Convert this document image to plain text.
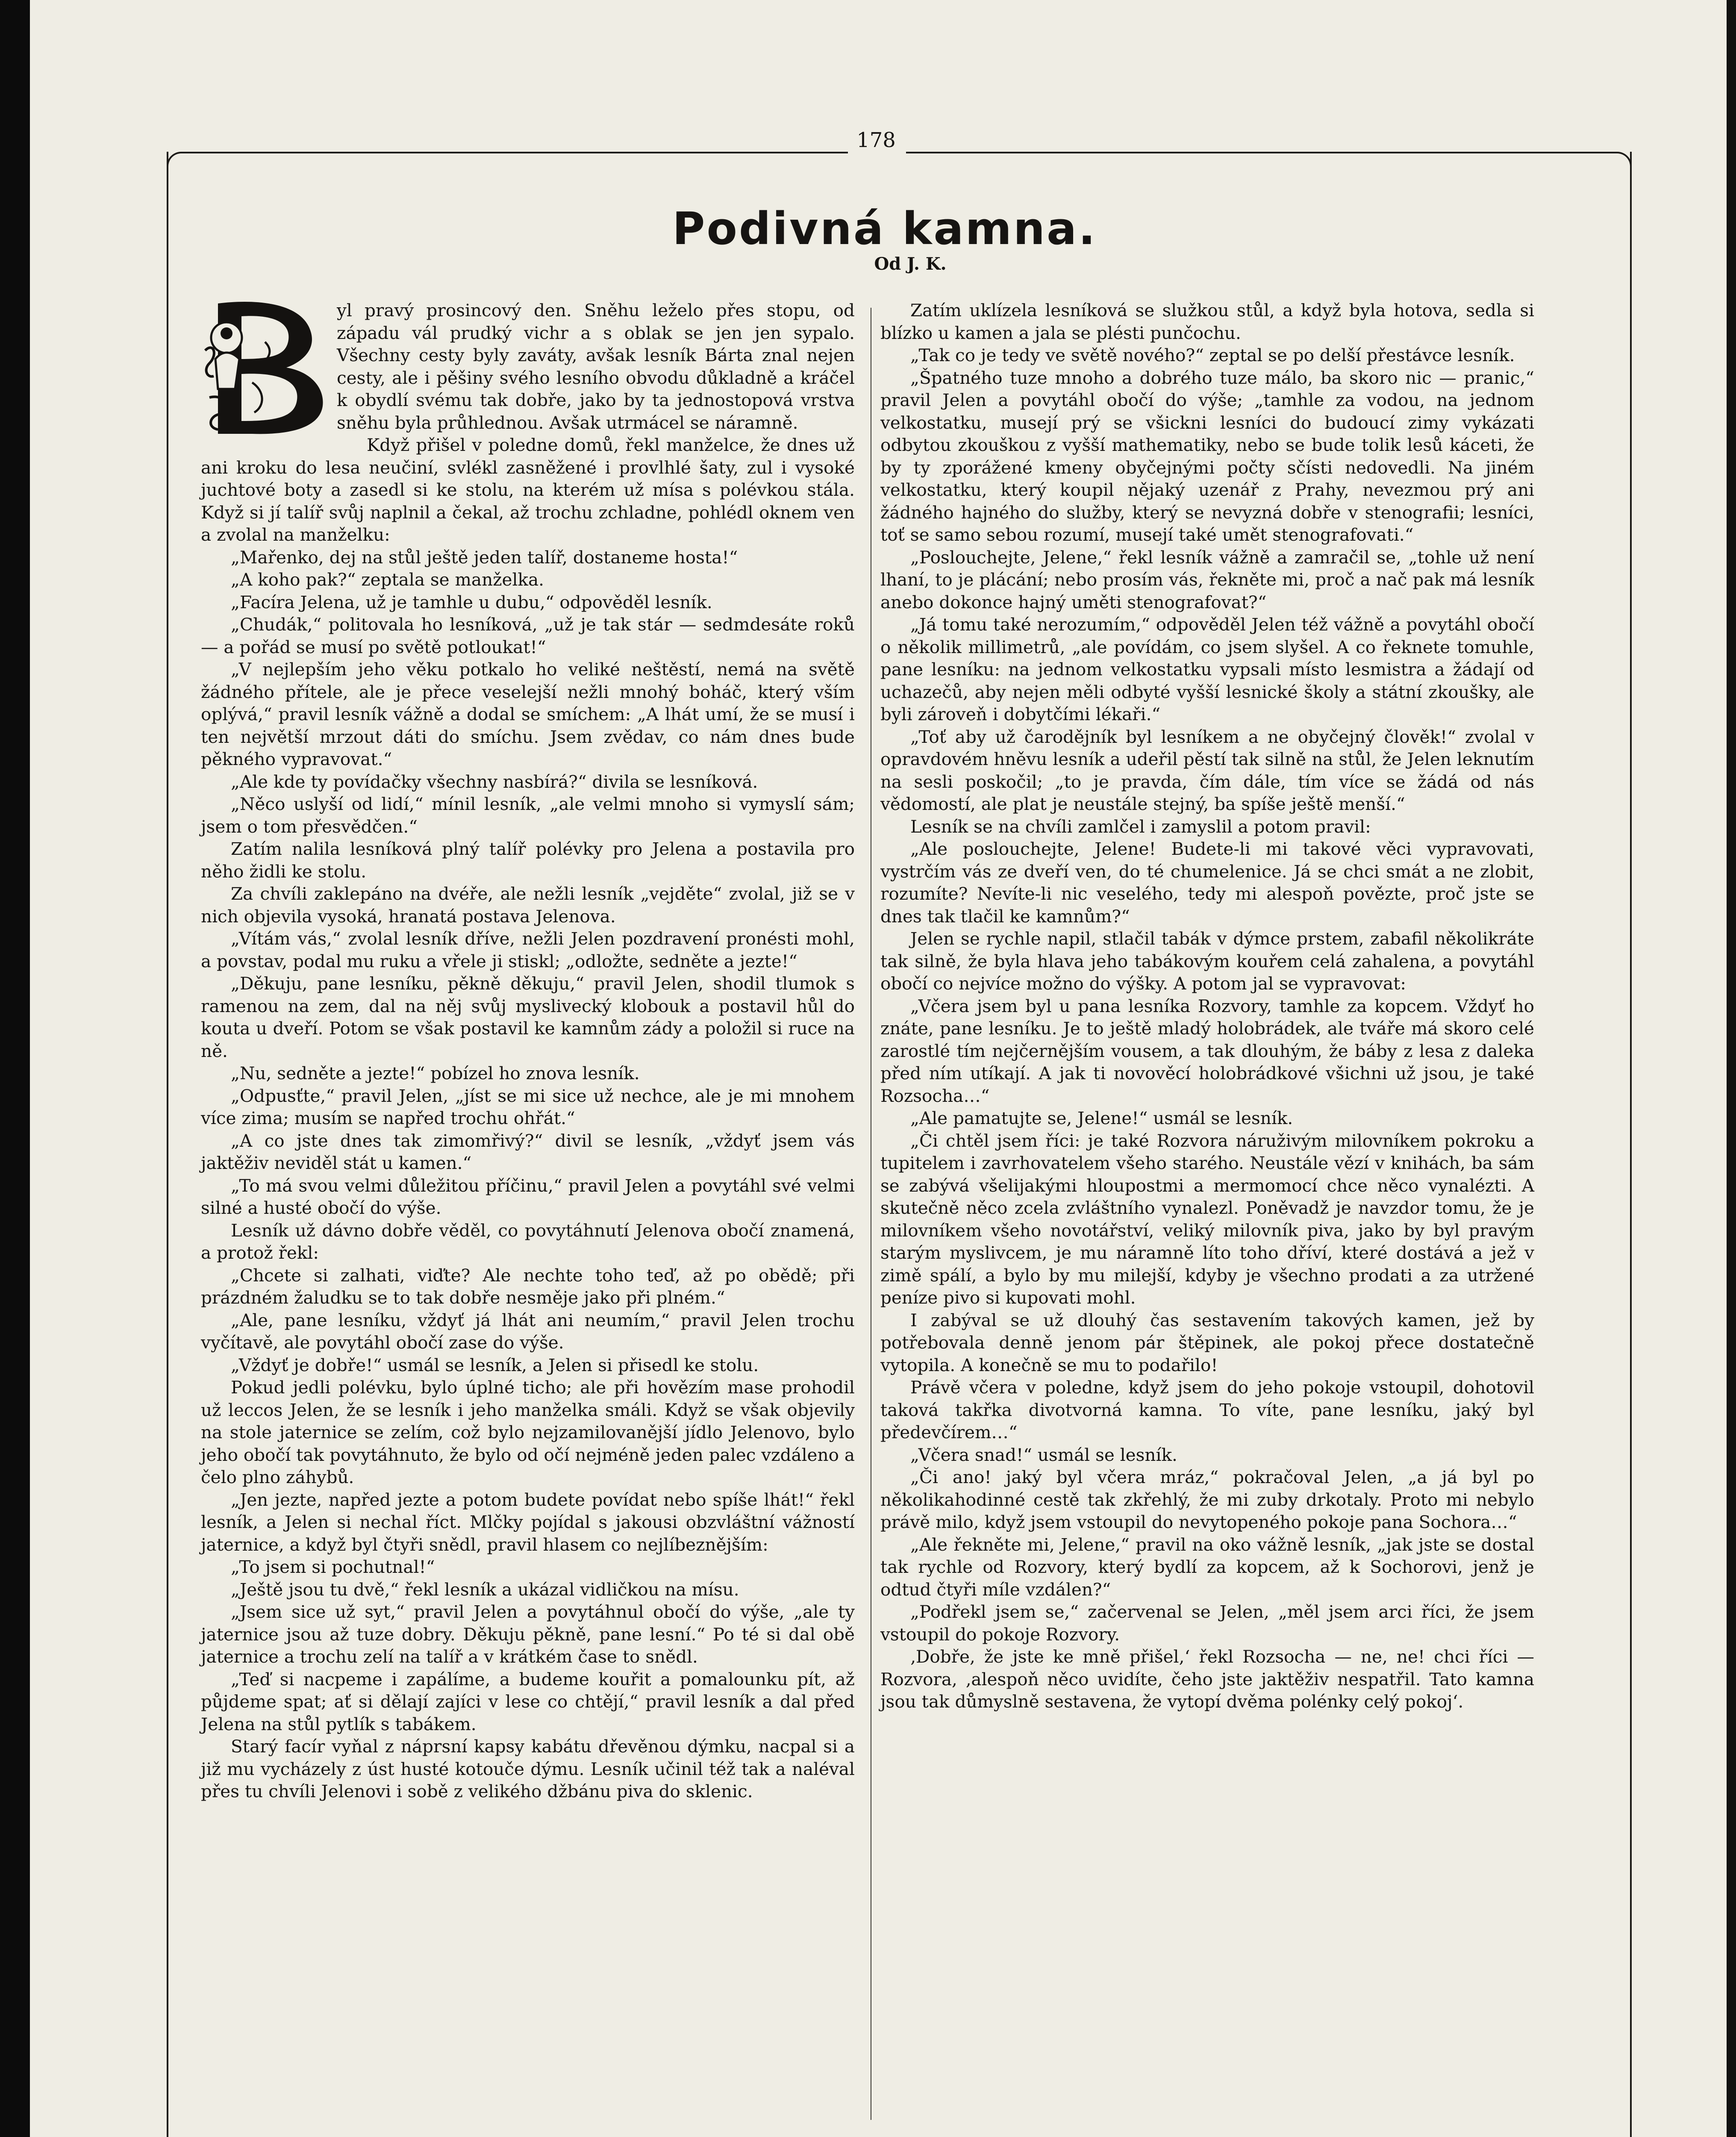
178
Podivná kamna.
Od J. K.

yl pravý prosincový den. Sněhu leželo přes stopu, od západu vál prudký vichr a s oblak se jen jen sypalo. Všechny cesty byly zaváty, avšak lesník Bárta znal nejen cesty, ale i pěšiny svého lesního obvodu důkladně a kráčel k obydlí svému tak dobře, jako by ta jednostopová vrstva sněhu byla průhlednou. Avšak utrmácel se náramně.

Když přišel v poledne domů, řekl manželce, že dnes už ani kroku do lesa neučiní, svlékl zasněžené i provlhlé šaty, zul i vysoké juchtové boty a zasedl si ke stolu, na kterém už mísa s polévkou stála. Když si jí talíř svůj naplnil a čekal, až trochu zchladne, pohlédl oknem ven a zvolal na manželku:

„Mařenko, dej na stůl ještě jeden talíř, dostaneme hosta!“

„A koho pak?“ zeptala se manželka.

„Facíra Jelena, už je tamhle u dubu,“ odpověděl lesník.

„Chudák,“ politovala ho lesníková, „už je tak stár — sedmdesáte roků — a pořád se musí po světě potloukat!“

„V nejlepším jeho věku potkalo ho veliké neštěstí, nemá na světě žádného přítele, ale je přece veselejší nežli mnohý boháč, který vším oplývá,“ pravil lesník vážně a dodal se smíchem: „A lhát umí, že se musí i ten největší mrzout dáti do smíchu. Jsem zvědav, co nám dnes bude pěkného vypravovat.“

„Ale kde ty povídačky všechny nasbírá?“ divila se lesníková.

„Něco uslyší od lidí,“ mínil lesník, „ale velmi mnoho si vymyslí sám; jsem o tom přesvědčen.“

Zatím nalila lesníková plný talíř polévky pro Jelena a postavila pro něho židli ke stolu.

Za chvíli zaklepáno na dvéře, ale nežli lesník „vejděte“ zvolal, již se v nich objevila vysoká, hranatá postava Jelenova.

„Vítám vás,“ zvolal lesník dříve, nežli Jelen pozdravení pronésti mohl, a povstav, podal mu ruku a vřele ji stiskl; „odložte, sedněte a jezte!“

„Děkuju, pane lesníku, pěkně děkuju,“ pravil Jelen, shodil tlumok s ramenou na zem, dal na něj svůj myslivecký klobouk a postavil hůl do kouta u dveří. Potom se však postavil ke kamnům zády a položil si ruce na ně.

„Nu, sedněte a jezte!“ pobízel ho znova lesník.

„Odpusťte,“ pravil Jelen, „jíst se mi sice už nechce, ale je mi mnohem více zima; musím se napřed trochu ohřát.“

„A co jste dnes tak zimomřivý?“ divil se lesník, „vždyť jsem vás jaktěživ neviděl stát u kamen.“

„To má svou velmi důležitou příčinu,“ pravil Jelen a povytáhl své velmi silné a husté obočí do výše.

Lesník už dávno dobře věděl, co povytáhnutí Jelenova obočí znamená, a protož řekl:

„Chcete si zalhati, viďte? Ale nechte toho teď, až po obědě; při prázdném žaludku se to tak dobře nesměje jako při plném.“

„Ale, pane lesníku, vždyť já lhát ani neumím,“ pravil Jelen trochu vyčítavě, ale povytáhl obočí zase do výše.

„Vždyť je dobře!“ usmál se lesník, a Jelen si přisedl ke stolu.

Pokud jedli polévku, bylo úplné ticho; ale při hovězím mase prohodil už leccos Jelen, že se lesník i jeho manželka smáli. Když se však objevily na stole jaternice se zelím, což bylo nejzamilovanější jídlo Jelenovo, bylo jeho obočí tak povytáhnuto, že bylo od očí nejméně jeden palec vzdáleno a čelo plno záhybů.

„Jen jezte, napřed jezte a potom budete povídat nebo spíše lhát!“ řekl lesník, a Jelen si nechal říct. Mlčky pojídal s jakousi obzvláštní vážností jaternice, a když byl čtyři snědl, pravil hlasem co nejlíbeznějším:

„To jsem si pochutnal!“

„Ještě jsou tu dvě,“ řekl lesník a ukázal vidličkou na mísu.

„Jsem sice už syt,“ pravil Jelen a povytáhnul obočí do výše, „ale ty jaternice jsou až tuze dobry. Děkuju pěkně, pane lesní.“ Po té si dal obě jaternice a trochu zelí na talíř a v krátkém čase to snědl.

„Teď si nacpeme i zapálíme, a budeme kouřit a pomalounku pít, až půjdeme spat; ať si dělají zajíci v lese co chtějí,“ pravil lesník a dal před Jelena na stůl pytlík s tabákem.

Starý facír vyňal z náprsní kapsy kabátu dřevěnou dýmku, nacpal si a již mu vycházely z úst husté kotouče dýmu. Lesník učinil též tak a naléval přes tu chvíli Jelenovi i sobě z velikého džbánu piva do sklenic.

Zatím uklízela lesníková se služkou stůl, a když byla hotova, sedla si blízko u kamen a jala se plésti punčochu.

„Tak co je tedy ve světě nového?“ zeptal se po delší přestávce lesník.

„Špatného tuze mnoho a dobrého tuze málo, ba skoro nic — pranic,“ pravil Jelen a povytáhl obočí do výše; „tamhle za vodou, na jednom velkostatku, musejí prý se všickni lesníci do budoucí zimy vykázati odbytou zkouškou z vyšší mathematiky, nebo se bude tolik lesů káceti, že by ty zporážené kmeny obyčejnými počty sčísti nedovedli. Na jiném velkostatku, který koupil nějaký uzenář z Prahy, nevezmou prý ani žádného hajného do služby, který se nevyzná dobře v stenografii; lesníci, toť se samo sebou rozumí, musejí také umět stenografovati.“

„Poslouchejte, Jelene,“ řekl lesník vážně a zamračil se, „tohle už není lhaní, to je plácání; nebo prosím vás, řekněte mi, proč a nač pak má lesník anebo dokonce hajný uměti stenografovat?“

„Já tomu také nerozumím,“ odpověděl Jelen též vážně a povytáhl obočí o několik millimetrů, „ale povídám, co jsem slyšel. A co řeknete tomuhle, pane lesníku: na jednom velkostatku vypsali místo lesmistra a žádají od uchazečů, aby nejen měli odbyté vyšší lesnické školy a státní zkoušky, ale byli zároveň i dobytčími lékaři.“

„Toť aby už čarodějník byl lesníkem a ne obyčejný člověk!“ zvolal v opravdovém hněvu lesník a udeřil pěstí tak silně na stůl, že Jelen leknutím na sesli poskočil; „to je pravda, čím dále, tím více se žádá od nás vědomostí, ale plat je neustále stejný, ba spíše ještě menší.“

Lesník se na chvíli zamlčel i zamyslil a potom pravil:

„Ale poslouchejte, Jelene! Budete-li mi takové věci vypravovati, vystrčím vás ze dveří ven, do té chumelenice. Já se chci smát a ne zlobit, rozumíte? Nevíte-li nic veselého, tedy mi alespoň povězte, proč jste se dnes tak tlačil ke kamnům?“

Jelen se rychle napil, stlačil tabák v dýmce prstem, zabafil několikráte tak silně, že byla hlava jeho tabákovým kouřem celá zahalena, a povytáhl obočí co nejvíce možno do výšky. A potom jal se vypravovat:

„Včera jsem byl u pana lesníka Rozvory, tamhle za kopcem. Vždyť ho znáte, pane lesníku. Je to ještě mladý holobrádek, ale tváře má skoro celé zarostlé tím nejčernějším vousem, a tak dlouhým, že báby z lesa z daleka před ním utíkají. A jak ti novověcí holobrádkové všichni už jsou, je také Rozsocha…“

„Ale pamatujte se, Jelene!“ usmál se lesník.

„Či chtěl jsem říci: je také Rozvora náruživým milovníkem pokroku a tupitelem i zavrhovatelem všeho starého. Neustále vězí v knihách, ba sám se zabývá všelijakými hloupostmi a mermomocí chce něco vynalézti. A skutečně něco zcela zvláštního vynalezl. Poněvadž je navzdor tomu, že je milovníkem všeho novotářství, veliký milovník piva, jako by byl pravým starým myslivcem, je mu náramně líto toho dříví, které dostává a jež v zimě spálí, a bylo by mu milejší, kdyby je všechno prodati a za utržené peníze pivo si kupovati mohl.

I zabýval se už dlouhý čas sestavením takových kamen, jež by potřebovala denně jenom pár štěpinek, ale pokoj přece dostatečně vytopila. A konečně se mu to podařilo!

Právě včera v poledne, když jsem do jeho pokoje vstoupil, dohotovil taková takřka divotvorná kamna. To víte, pane lesníku, jaký byl předevčírem…“

„Včera snad!“ usmál se lesník.

„Či ano! jaký byl včera mráz,“ pokračoval Jelen, „a já byl po několikahodinné cestě tak zkřehlý, že mi zuby drkotaly. Proto mi nebylo právě milo, když jsem vstoupil do nevytopeného pokoje pana Sochora…“

„Ale řekněte mi, Jelene,“ pravil na oko vážně lesník, „jak jste se dostal tak rychle od Rozvory, který bydlí za kopcem, až k Sochorovi, jenž je odtud čtyři míle vzdálen?“

„Podřekl jsem se,“ začervenal se Jelen, „měl jsem arci říci, že jsem vstoupil do pokoje Rozvory.

‚Dobře, že jste ke mně přišel,‘ řekl Rozsocha — ne, ne! chci říci — Rozvora, ‚alespoň něco uvidíte, čeho jste jaktěživ nespatřil. Tato kamna jsou tak důmyslně sestavena, že vytopí dvěma polénky celý pokoj‘.
